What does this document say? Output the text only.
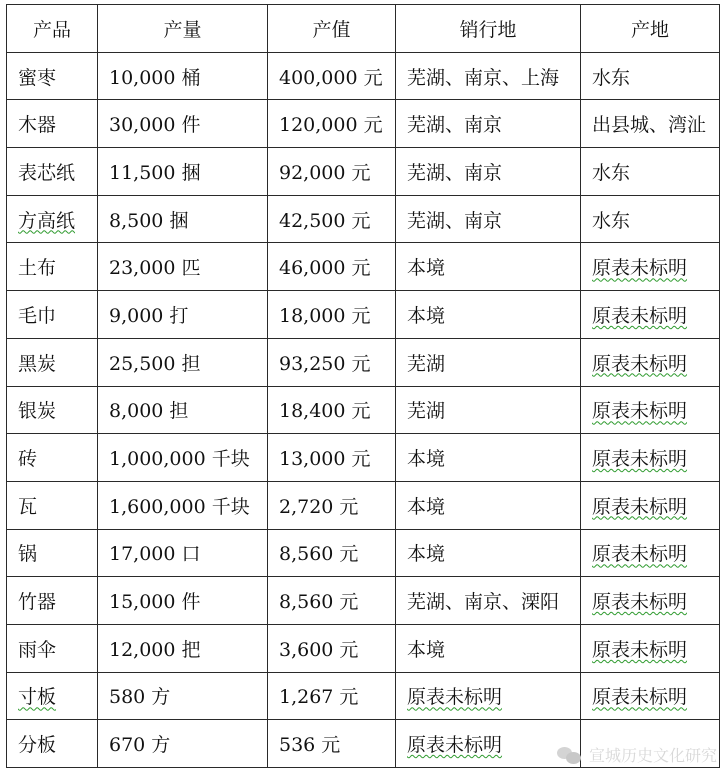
产品	产量	产值	销行地	产地
蜜枣	10,000 桶	400,000 元	芜湖、南京、上海	水东
木器	30,000 件	120,000 元	芜湖、南京	出县城、湾沚
表芯纸	11,500 捆	92,000 元	芜湖、南京	水东
方高纸	8,500 捆	42,500 元	芜湖、南京	水东
土布	23,000 匹	46,000 元	本境	原表未标明
毛巾	9,000 打	18,000 元	本境	原表未标明
黑炭	25,500 担	93,250 元	芜湖	原表未标明
银炭	8,000 担	18,400 元	芜湖	原表未标明
砖	1,000,000 千块	13,000 元	本境	原表未标明
瓦	1,600,000 千块	2,720 元	本境	原表未标明
锅	17,000 口	8,560 元	本境	原表未标明
竹器	15,000 件	8,560 元	芜湖、南京、溧阳	原表未标明
雨伞	12,000 把	3,600 元	本境	原表未标明
寸板	580 方	1,267 元	原表未标明	原表未标明
分板	670 方	536 元	原表未标明		宣城历史文化研究
